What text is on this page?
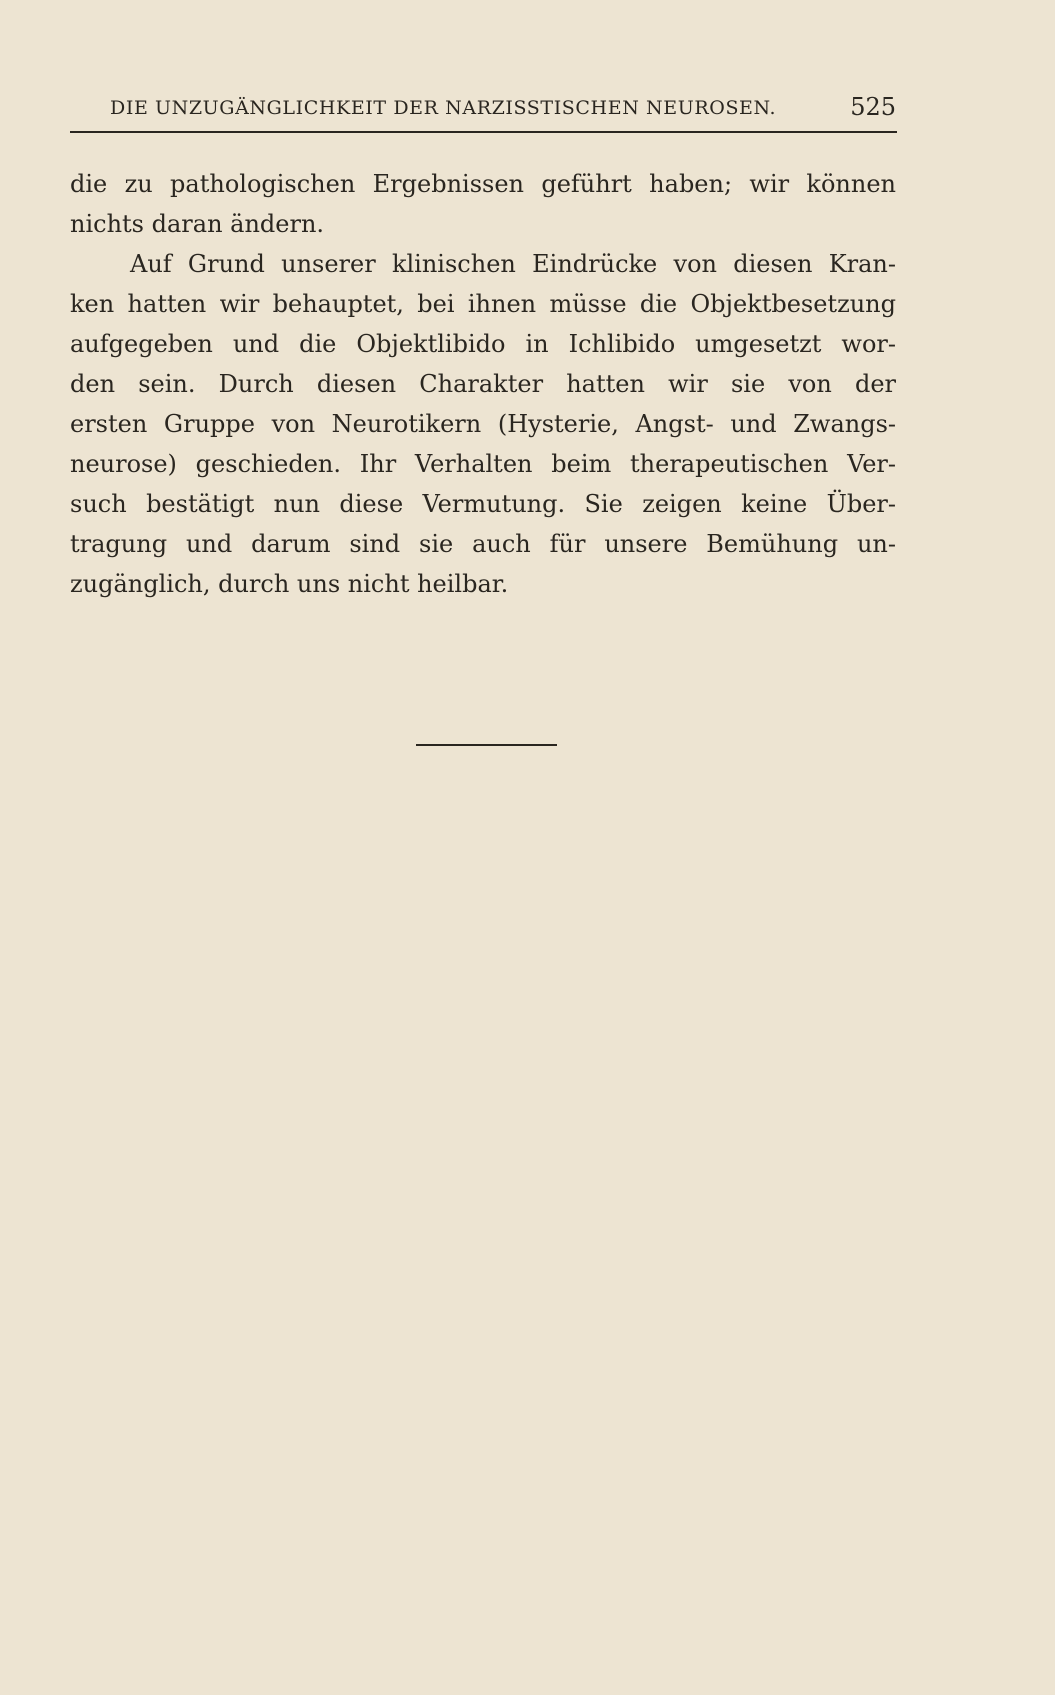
DIE UNZUGÄNGLICHKEIT DER NARZISSTISCHEN NEUROSEN.	525
die zu pathologischen Ergebnissen geführt haben; wir können
nichts daran ändern.
Auf Grund unserer klinischen Eindrücke von diesen Kran-
ken hatten wir behauptet, bei ihnen müsse die Objektbesetzung
aufgegeben und die Objektlibido in Ichlibido umgesetzt wor-
den sein. Durch diesen Charakter hatten wir sie von der
ersten Gruppe von Neurotikern (Hysterie, Angst- und Zwangs-
neurose) geschieden. Ihr Verhalten beim therapeutischen Ver-
such bestätigt nun diese Vermutung. Sie zeigen keine Über-
tragung und darum sind sie auch für unsere Bemühung un-
zugänglich, durch uns nicht heilbar.
